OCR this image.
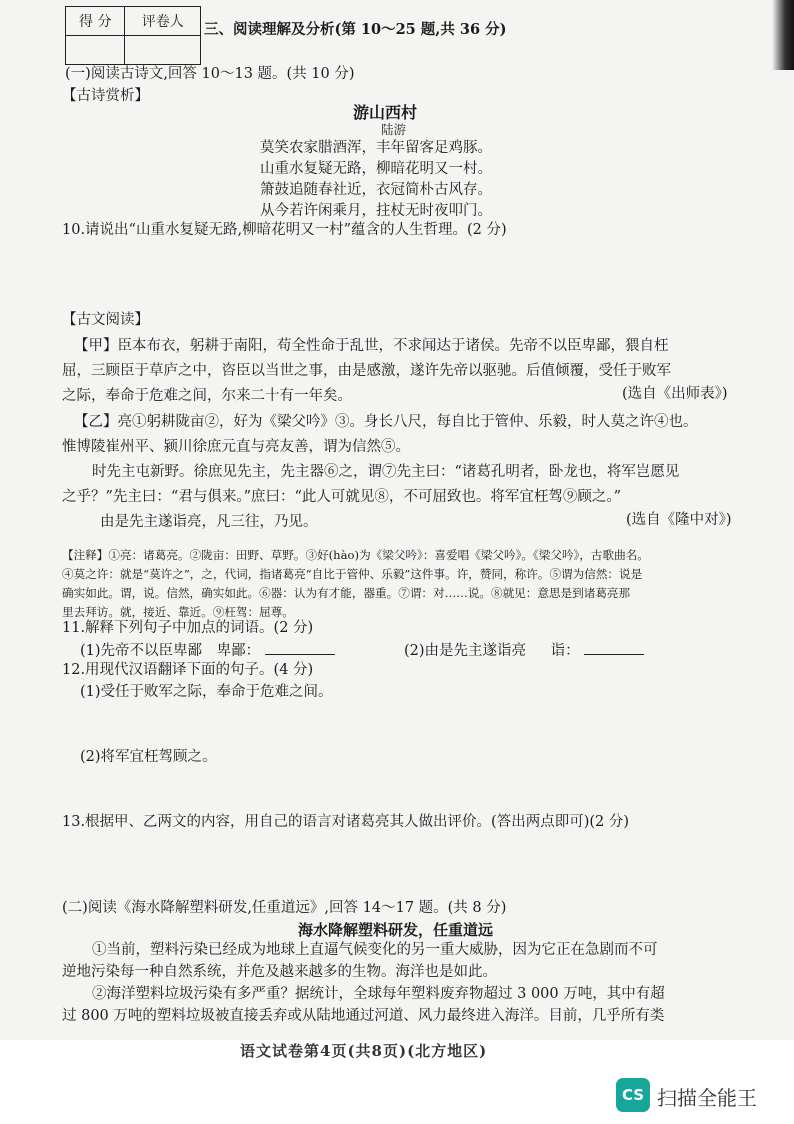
得 分	评卷人
	三、阅读理解及分析(第 10～25 题,共 36 分)
(一)阅读古诗文,回答 10～13 题。(共 10 分)
【古诗赏析】
游山西村
陆游
莫笑农家腊酒浑，丰年留客足鸡豚。
山重水复疑无路，柳暗花明又一村。
箫鼓追随春社近，衣冠简朴古风存。
从今若许闲乘月，拄杖无时夜叩门。
10.请说出“山重水复疑无路,柳暗花明又一村”蕴含的人生哲理。(2 分)
【古文阅读】
【甲】臣本布衣，躬耕于南阳，苟全性命于乱世，不求闻达于诸侯。先帝不以臣卑鄙，猥自枉
屈，三顾臣于草庐之中，咨臣以当世之事，由是感激，遂许先帝以驱驰。后值倾覆，受任于败军
之际，奉命于危难之间，尔来二十有一年矣。	(选自《出师表》)
【乙】亮①躬耕陇亩②，好为《梁父吟》③。身长八尺，每自比于管仲、乐毅，时人莫之许④也。
惟博陵崔州平、颍川徐庶元直与亮友善，谓为信然⑤。
时先主屯新野。徐庶见先主，先主器⑥之，谓⑦先主曰：“诸葛孔明者，卧龙也，将军岂愿见
之乎？”先主曰：“君与俱来。”庶曰：“此人可就见⑧，不可屈致也。将军宜枉驾⑨顾之。”
由是先主遂诣亮，凡三往，乃见。	(选自《隆中对》)
【注释】①亮：诸葛亮。②陇亩：田野、草野。③好(hào)为《梁父吟》：喜爱唱《梁父吟》。《梁父吟》，古歌曲名。
④莫之许：就是“莫许之”，之，代词，指诸葛亮“自比于管仲、乐毅”这件事。许，赞同，称许。⑤谓为信然：说是
确实如此。谓，说。信然，确实如此。⑥器：认为有才能，器重。⑦谓：对……说。⑧就见：意思是到诸葛亮那
里去拜访。就，接近、靠近。⑨枉驾：屈尊。
11.解释下列句子中加点的词语。(2 分)
(1)先帝不以臣卑鄙 卑鄙：	(2)由是先主遂诣亮 诣：
12.用现代汉语翻译下面的句子。(4 分)
(1)受任于败军之际，奉命于危难之间。
(2)将军宜枉驾顾之。
13.根据甲、乙两文的内容，用自己的语言对诸葛亮其人做出评价。(答出两点即可)(2 分)
(二)阅读《海水降解塑料研发,任重道远》,回答 14～17 题。(共 8 分)
海水降解塑料研发，任重道远
①当前，塑料污染已经成为地球上直逼气候变化的另一重大威胁，因为它正在急剧而不可
逆地污染每一种自然系统，并危及越来越多的生物。海洋也是如此。
②海洋塑料垃圾污染有多严重？据统计，全球每年塑料废弃物超过 3 000 万吨，其中有超
过 800 万吨的塑料垃圾被直接丢弃或从陆地通过河道、风力最终进入海洋。目前，几乎所有类
语文试卷第4页(共8页)(北方地区)
CS 扫描全能王
